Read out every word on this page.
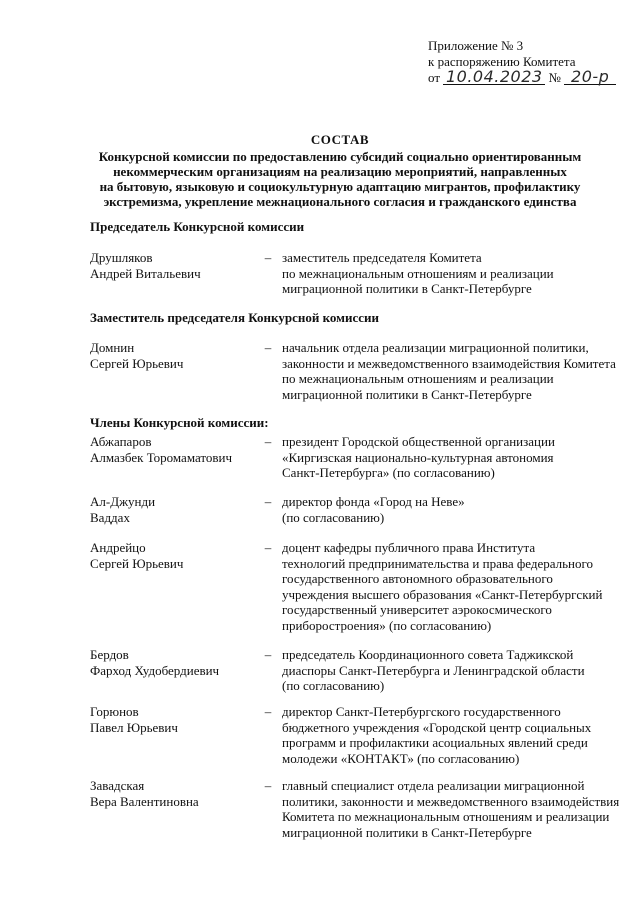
Приложение № 3
к распоряжению Комитета
от 10.04.2023 № 20-р
СОСТАВ
Конкурсной комиссии по предоставлению субсидий социально ориентированным
некоммерческим организациям на реализацию мероприятий, направленных
на бытовую, языковую и социокультурную адаптацию мигрантов, профилактику
экстремизма, укрепление межнационального согласия и гражданского единства
Председатель Конкурсной комиссии
Друшляков
Андрей Витальевич
– заместитель председателя Комитета
по межнациональным отношениям и реализации
миграционной политики в Санкт-Петербурге
Заместитель председателя Конкурсной комиссии
Домнин
Сергей Юрьевич
– начальник отдела реализации миграционной политики,
законности и межведомственного взаимодействия Комитета
по межнациональным отношениям и реализации
миграционной политики в Санкт-Петербурге
Члены Конкурсной комиссии:
Абжапаров
Алмазбек Торомаматович
– президент Городской общественной организации
«Киргизская национально-культурная автономия
Санкт-Петербурга» (по согласованию)
Ал-Джунди
Ваддах
– директор фонда «Город на Неве»
(по согласованию)
Андрейцо
Сергей Юрьевич
– доцент кафедры публичного права Института
технологий предпринимательства и права федерального
государственного автономного образовательного
учреждения высшего образования «Санкт-Петербургский
государственный университет аэрокосмического
приборостроения» (по согласованию)
Бердов
Фарход Худобердиевич
– председатель Координационного совета Таджикской
диаспоры Санкт-Петербурга и Ленинградской области
(по согласованию)
Горюнов
Павел Юрьевич
– директор Санкт-Петербургского государственного
бюджетного учреждения «Городской центр социальных
программ и профилактики асоциальных явлений среди
молодежи «КОНТАКТ» (по согласованию)
Завадская
Вера Валентиновна
– главный специалист отдела реализации миграционной
политики, законности и межведомственного взаимодействия
Комитета по межнациональным отношениям и реализации
миграционной политики в Санкт-Петербурге
